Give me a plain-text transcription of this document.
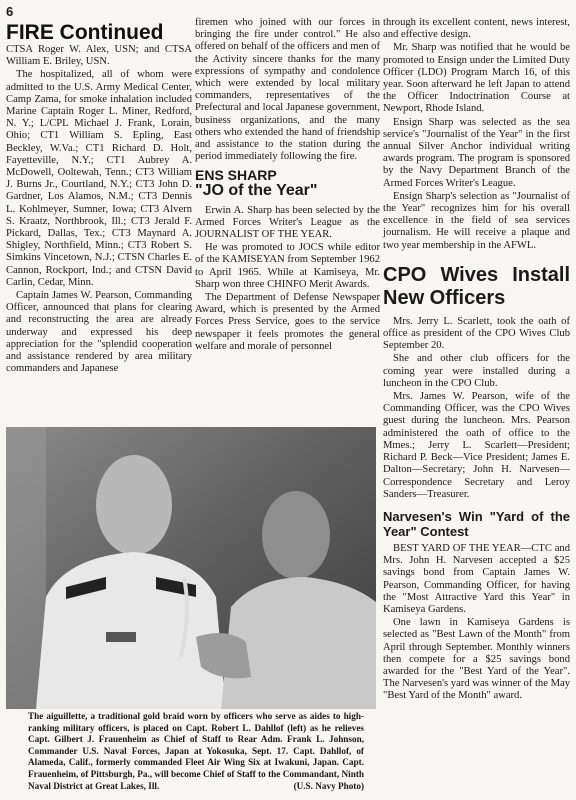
6
FIRE Continued

CTSA Roger W. Alex, USN; and CTSA William E. Briley, USN.

The hospitalized, all of whom were admitted to the U.S. Army Medical Center, Camp Zama, for smoke inhalation included Marine Captain Roger L. Miner, Redford, N. Y.; L/CPL Michael J. Frank, Lorain, Ohio; CT1 William S. Epling, East Beckley, W.Va.; CT1 Richard D. Holt, Fayetteville, N.Y.; CT1 Aubrey A. McDowell, Ooltewah, Tenn.; CT3 William J. Burns Jr., Courtland, N.Y.; CT3 John D. Gardner, Los Alamos, N.M.; CT3 Dennis L. Kohlmeyer, Sumner, Iowa; CT3 Alvern S. Kraatz, Northbrook, Ill.; CT3 Jerald F. Pickard, Dallas, Tex.; CT3 Maynard A. Shigley, Northfield, Minn.; CT3 Robert S. Simkins Vincetown, N.J.; CTSN Charles E. Cannon, Rockport, Ind.; and CTSN David Carlin, Cedar, Minn.

Captain James W. Pearson, Commanding Officer, announced that plans for clearing and reconstructing the area are already underway and expressed his deep appreciation for the "splendid cooperation and assistance rendered by area military commanders and Japanese

firemen who joined with our forces in bringing the fire under control." He also offered on behalf of the officers and men of the Activity sincere thanks for the many expressions of sympathy and condolence which were extended by local military commanders, representatives of the Prefectural and local Japanese government, business organizations, and the many others who extended the hand of friendship and assistance to the station during the period immediately following the fire.

ENS SHARP
"JO of the Year"

Erwin A. Sharp has been selected by the Armed Forces Writer's League as the JOURNALIST OF THE YEAR.

He was promoted to JOCS while editor of the KAMISEYAN from September 1962 to April 1965. While at Kamiseya, Mr. Sharp won three CHINFO Merit Awards.

The Department of Defense Newspaper Award, which is presented by the Armed Forces Press Service, goes to the service newspaper it feels promotes the general welfare and morale of personnel

through its excellent content, news interest, and effective design.

Mr. Sharp was notified that he would be promoted to Ensign under the Limited Duty Officer (LDO) Program March 16, of this year. Soon afterward he left Japan to attend the Officer Indoctrination Course at Newport, Rhode Island.

Ensign Sharp was selected as the sea service's "Journalist of the Year" in the first annual Silver Anchor individual writing awards program. The program is sponsored by the Navy Department Branch of the Armed Forces Writer's League.

Ensign Sharp's selection as "Journalist of the Year" recognizes him for his overall excellence in the field of sea services journalism. He will receive a plaque and two year membership in the AFWL.

CPO Wives Install New Officers

Mrs. Jerry L. Scarlett, took the oath of office as president of the CPO Wives Club September 20.

She and other club officers for the coming year were installed during a luncheon in the CPO Club.

Mrs. James W. Pearson, wife of the Commanding Officer, was the CPO Wives guest during the luncheon. Mrs. Pearson administered the oath of office to the Mmes.; Jerry L. Scarlett—President; Richard P. Beck—Vice President; James E. Dalton—Secretary; John H. Narvesen—Correspondence Secretary and Leroy Sanders—Treasurer.

Narvesen's Win "Yard of the Year" Contest

BEST YARD OF THE YEAR—CTC and Mrs. John H. Narvesen accepted a $25 savings bond from Captain James W. Pearson, Commanding Officer, for having the "Most Attractive Yard this Year" in Kamiseya Gardens.

One lawn in Kamiseya Gardens is selected as "Best Lawn of the Month" from April through September. Monthly winners then compete for a $25 savings bond awarded for the "Best Yard of the Year". The Narvesen's yard was winner of the May "Best Yard of the Month" award.

The aiguillette, a traditional gold braid worn by officers who serve as aides to high-ranking military officers, is placed on Capt. Robert L. Dahllof (left) as he relieves Capt. Gilbert J. Frauenheim as Chief of Staff to Rear Adm. Frank L. Johnson, Commander U.S. Naval Forces, Japan at Yokosuka, Sept. 17. Capt. Dahllof, of Alameda, Calif., formerly commanded Fleet Air Wing Six at Iwakuni, Japan. Capt. Frauenheim, of Pittsburgh, Pa., will become Chief of Staff to the Commandant, Ninth Naval District at Great Lakes, Ill.	(U.S. Navy Photo)
